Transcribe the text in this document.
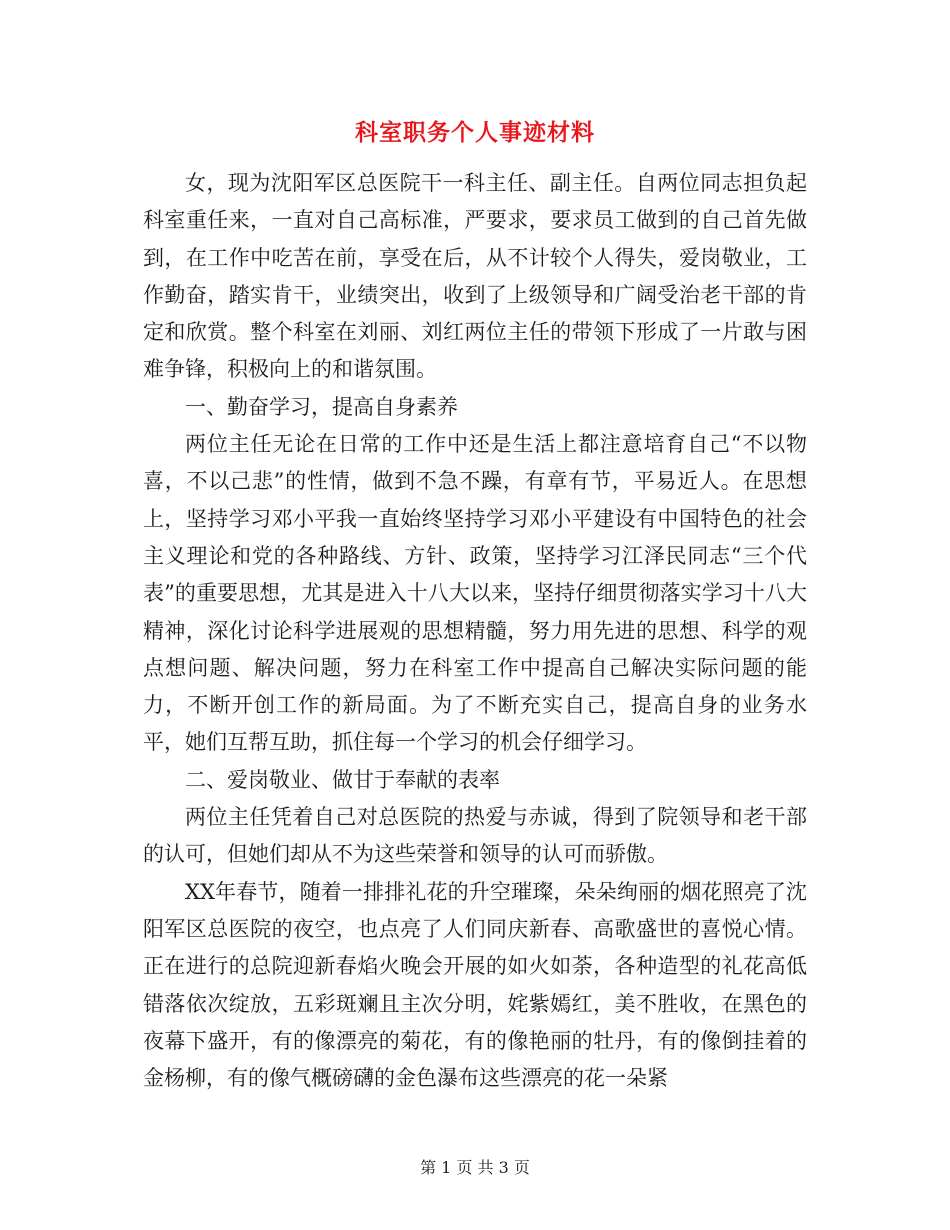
科室职务个人事迹材料

女，现为沈阳军区总医院干一科主任、副主任。自两位同志担负起科室重任来，一直对自己高标准，严要求，要求员工做到的自己首先做到，在工作中吃苦在前，享受在后，从不计较个人得失，爱岗敬业，工作勤奋，踏实肯干，业绩突出，收到了上级领导和广阔受治老干部的肯定和欣赏。整个科室在刘丽、刘红两位主任的带领下形成了一片敢与困难争锋，积极向上的和谐氛围。

一、勤奋学习，提高自身素养

两位主任无论在日常的工作中还是生活上都注意培育自己“不以物喜，不以己悲”的性情，做到不急不躁，有章有节，平易近人。在思想上，坚持学习邓小平我一直始终坚持学习邓小平建设有中国特色的社会主义理论和党的各种路线、方针、政策，坚持学习江泽民同志“三个代表”的重要思想，尤其是进入十八大以来，坚持仔细贯彻落实学习十八大精神，深化讨论科学进展观的思想精髓，努力用先进的思想、科学的观点想问题、解决问题，努力在科室工作中提高自己解决实际问题的能力，不断开创工作的新局面。为了不断充实自己，提高自身的业务水平，她们互帮互助，抓住每一个学习的机会仔细学习。

二、爱岗敬业、做甘于奉献的表率

两位主任凭着自己对总医院的热爱与赤诚，得到了院领导和老干部的认可，但她们却从不为这些荣誉和领导的认可而骄傲。

XX年春节，随着一排排礼花的升空璀璨，朵朵绚丽的烟花照亮了沈阳军区总医院的夜空，也点亮了人们同庆新春、高歌盛世的喜悦心情。正在进行的总院迎新春焰火晚会开展的如火如荼，各种造型的礼花高低错落依次绽放，五彩斑斓且主次分明，姹紫嫣红，美不胜收，在黑色的夜幕下盛开，有的像漂亮的菊花，有的像艳丽的牡丹，有的像倒挂着的金杨柳，有的像气概磅礴的金色瀑布这些漂亮的花一朵紧

第 1 页 共 3 页
